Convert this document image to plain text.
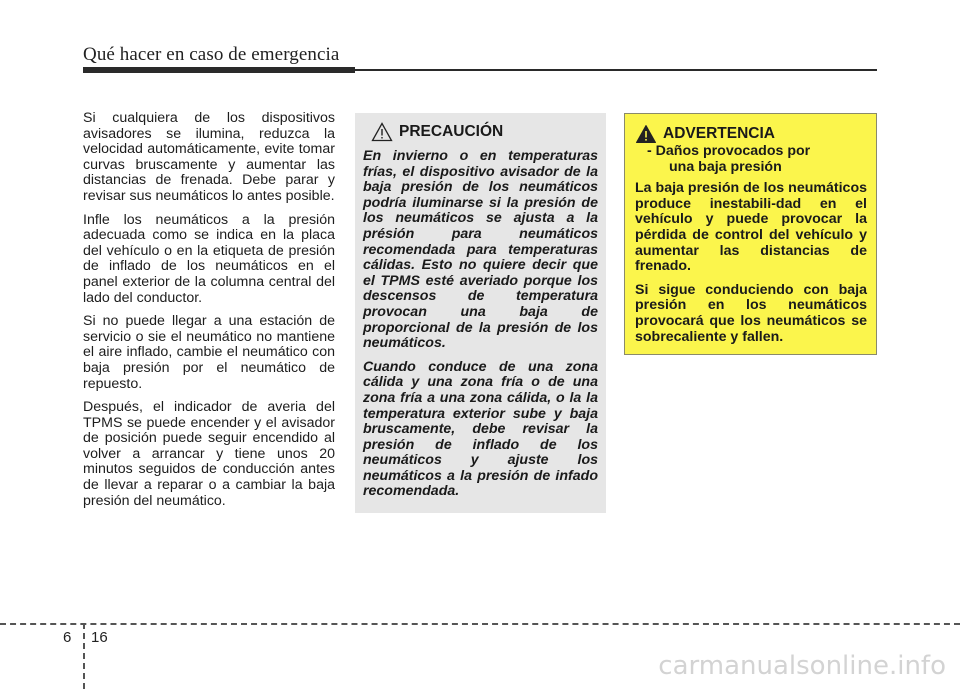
Qué hacer en caso de emergencia

Si cualquiera de los dispositivos avisadores se ilumina, reduzca la velocidad automáticamente, evite tomar curvas bruscamente y aumentar las distancias de frenada. Debe parar y revisar sus neumáticos lo antes posible.

Infle los neumáticos a la presión adecuada como se indica en la placa del vehículo o en la etiqueta de presión de inflado de los neumáticos en el panel exterior de la columna central del lado del conductor.

Si no puede llegar a una estación de servicio o sie el neumático no mantiene el aire inflado, cambie el neumático con baja presión por el neumático de repuesto.

Después, el indicador de averia del TPMS se puede encender y el avisador de posición puede seguir encendido al volver a arrancar y tiene unos 20 minutos seguidos de conducción antes de llevar a reparar o a cambiar la baja presión del neumático.

PRECAUCIÓN

En invierno o en temperaturas frías, el dispositivo avisador de la baja presión de los neumáticos podría iluminarse si la presión de los neumáticos se ajusta a la présión para neumáticos recomendada para temperaturas cálidas. Esto no quiere decir que el TPMS esté averiado porque los descensos de temperatura provocan una baja de proporcional de la presión de los neumáticos.

Cuando conduce de una zona cálida y una zona fría o de una zona fría a una zona cálida, o la la temperatura exterior sube y baja bruscamente, debe revisar la presión de inflado de los neumáticos y ajuste los neumáticos a la presión de infado recomendada.

ADVERTENCIA
- Daños provocados por
una baja presión

La baja presión de los neumáticos produce inestabili-dad en el vehículo y puede provocar la pérdida de control del vehículo y aumentar las distancias de frenado.

Si sigue conduciendo con baja presión en los neumáticos provocará que los neumáticos se sobrecaliente y fallen.

6 16
carmanualsonline.info
